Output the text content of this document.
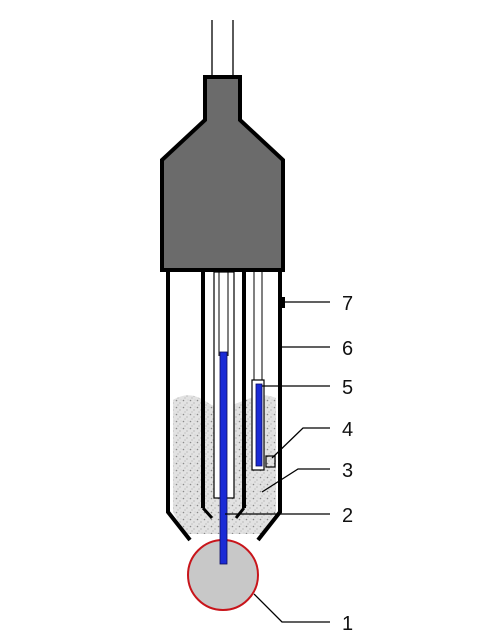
7
6
5
4
3
2
1
